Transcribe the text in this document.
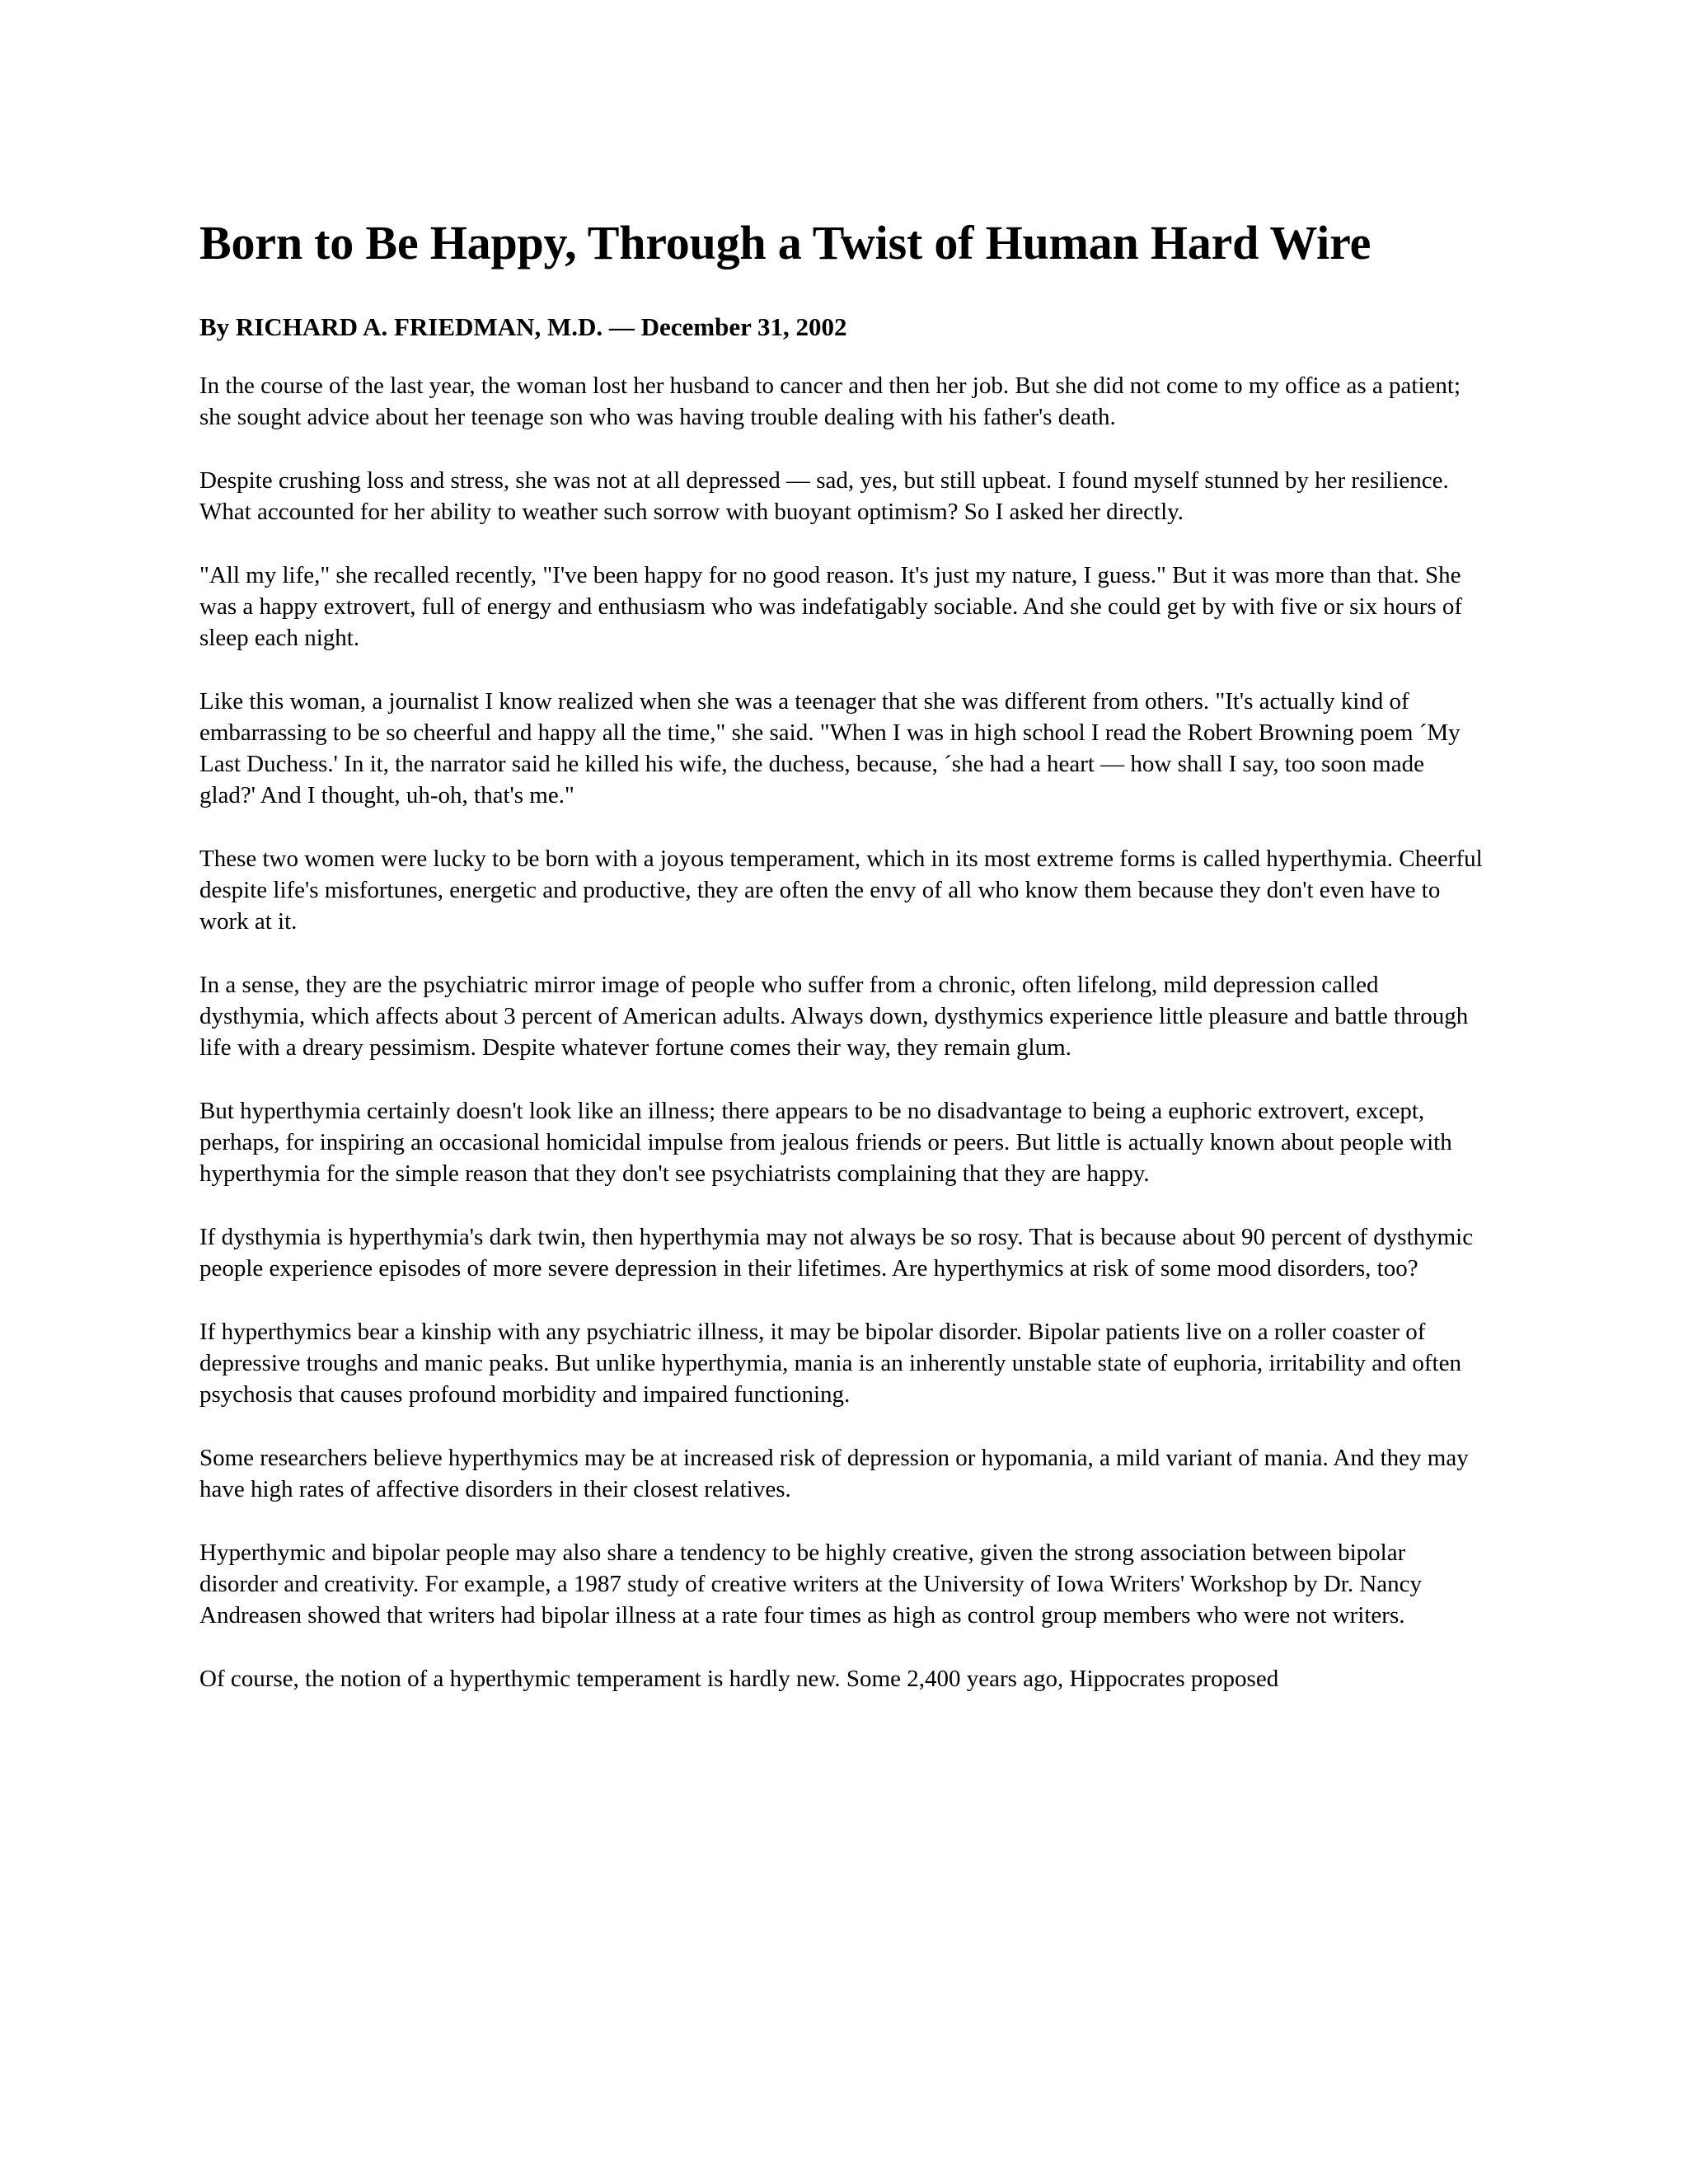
Born to Be Happy, Through a Twist of Human Hard Wire
By RICHARD A. FRIEDMAN, M.D. — December 31, 2002

In the course of the last year, the woman lost her husband to cancer and then her job. But she did not come to my office as a patient; she sought advice about her teenage son who was having trouble dealing with his father's death.

Despite crushing loss and stress, she was not at all depressed — sad, yes, but still upbeat. I found myself stunned by her resilience. What accounted for her ability to weather such sorrow with buoyant optimism? So I asked her directly.

"All my life," she recalled recently, "I've been happy for no good reason. It's just my nature, I guess." But it was more than that. She was a happy extrovert, full of energy and enthusiasm who was indefatigably sociable. And she could get by with five or six hours of sleep each night.

Like this woman, a journalist I know realized when she was a teenager that she was different from others. "It's actually kind of embarrassing to be so cheerful and happy all the time," she said. "When I was in high school I read the Robert Browning poem ´My Last Duchess.' In it, the narrator said he killed his wife, the duchess, because, ´she had a heart — how shall I say, too soon made glad?' And I thought, uh-oh, that's me."

These two women were lucky to be born with a joyous temperament, which in its most extreme forms is called hyperthymia. Cheerful despite life's misfortunes, energetic and productive, they are often the envy of all who know them because they don't even have to work at it.

In a sense, they are the psychiatric mirror image of people who suffer from a chronic, often lifelong, mild depression called dysthymia, which affects about 3 percent of American adults. Always down, dysthymics experience little pleasure and battle through life with a dreary pessimism. Despite whatever fortune comes their way, they remain glum.

But hyperthymia certainly doesn't look like an illness; there appears to be no disadvantage to being a euphoric extrovert, except, perhaps, for inspiring an occasional homicidal impulse from jealous friends or peers. But little is actually known about people with hyperthymia for the simple reason that they don't see psychiatrists complaining that they are happy.

If dysthymia is hyperthymia's dark twin, then hyperthymia may not always be so rosy. That is because about 90 percent of dysthymic people experience episodes of more severe depression in their lifetimes. Are hyperthymics at risk of some mood disorders, too?

If hyperthymics bear a kinship with any psychiatric illness, it may be bipolar disorder. Bipolar patients live on a roller coaster of depressive troughs and manic peaks. But unlike hyperthymia, mania is an inherently unstable state of euphoria, irritability and often psychosis that causes profound morbidity and impaired functioning.

Some researchers believe hyperthymics may be at increased risk of depression or hypomania, a mild variant of mania. And they may have high rates of affective disorders in their closest relatives.

Hyperthymic and bipolar people may also share a tendency to be highly creative, given the strong association between bipolar disorder and creativity. For example, a 1987 study of creative writers at the University of Iowa Writers' Workshop by Dr. Nancy Andreasen showed that writers had bipolar illness at a rate four times as high as control group members who were not writers.

Of course, the notion of a hyperthymic temperament is hardly new. Some 2,400 years ago, Hippocrates proposed
